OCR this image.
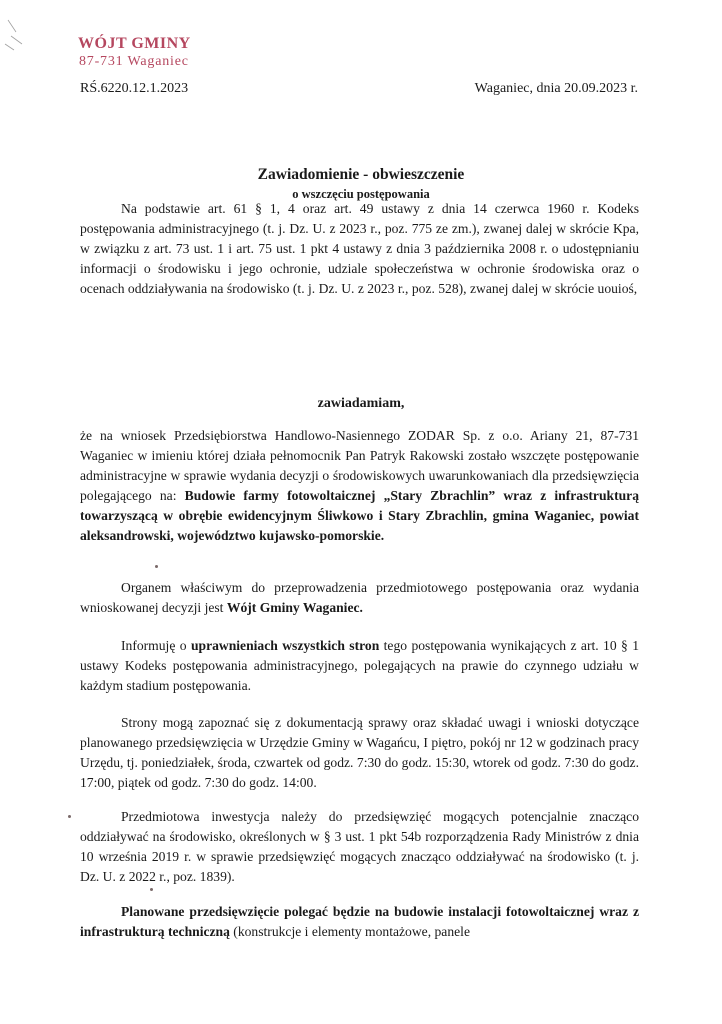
WÓJT GMINY
87-731 Waganiec
RŚ.6220.12.1.2023	Waganiec, dnia 20.09.2023 r.
Zawiadomienie - obwieszczenie
o wszczęciu postępowania

Na podstawie art. 61 § 1, 4 oraz art. 49 ustawy z dnia 14 czerwca 1960 r. Kodeks postępowania administracyjnego (t. j. Dz. U. z 2023 r., poz. 775 ze zm.), zwanej dalej w skrócie Kpa, w związku z art. 73 ust. 1 i art. 75 ust. 1 pkt 4 ustawy z dnia 3 października 2008 r. o udostępnianiu informacji o środowisku i jego ochronie, udziale społeczeństwa w ochronie środowiska oraz o ocenach oddziaływania na środowisko (t. j. Dz. U. z 2023 r., poz. 528), zwanej dalej w skrócie uouioś,

zawiadamiam,

że na wniosek Przedsiębiorstwa Handlowo-Nasiennego ZODAR Sp. z o.o. Ariany 21, 87-731 Waganiec w imieniu której działa pełnomocnik Pan Patryk Rakowski zostało wszczęte postępowanie administracyjne w sprawie wydania decyzji o środowiskowych uwarunkowaniach dla przedsięwzięcia polegającego na: Budowie farmy fotowoltaicznej „Stary Zbrachlin” wraz z infrastrukturą towarzyszącą w obrębie ewidencyjnym Śliwkowo i Stary Zbrachlin, gmina Waganiec, powiat aleksandrowski, województwo kujawsko-pomorskie.

Organem właściwym do przeprowadzenia przedmiotowego postępowania oraz wydania wnioskowanej decyzji jest Wójt Gminy Waganiec.

Informuję o uprawnieniach wszystkich stron tego postępowania wynikających z art. 10 § 1 ustawy Kodeks postępowania administracyjnego, polegających na prawie do czynnego udziału w każdym stadium postępowania.

Strony mogą zapoznać się z dokumentacją sprawy oraz składać uwagi i wnioski dotyczące planowanego przedsięwzięcia w Urzędzie Gminy w Wagańcu, I piętro, pokój nr 12 w godzinach pracy Urzędu, tj. poniedziałek, środa, czwartek od godz. 7:30 do godz. 15:30, wtorek od godz. 7:30 do godz. 17:00, piątek od godz. 7:30 do godz. 14:00.

Przedmiotowa inwestycja należy do przedsięwzięć mogących potencjalnie znacząco oddziaływać na środowisko, określonych w § 3 ust. 1 pkt 54b rozporządzenia Rady Ministrów z dnia 10 września 2019 r. w sprawie przedsięwzięć mogących znacząco oddziaływać na środowisko (t. j. Dz. U. z 2022 r., poz. 1839).

Planowane przedsięwzięcie polegać będzie na budowie instalacji fotowoltaicznej wraz z infrastrukturą techniczną (konstrukcje i elementy montażowe, panele
